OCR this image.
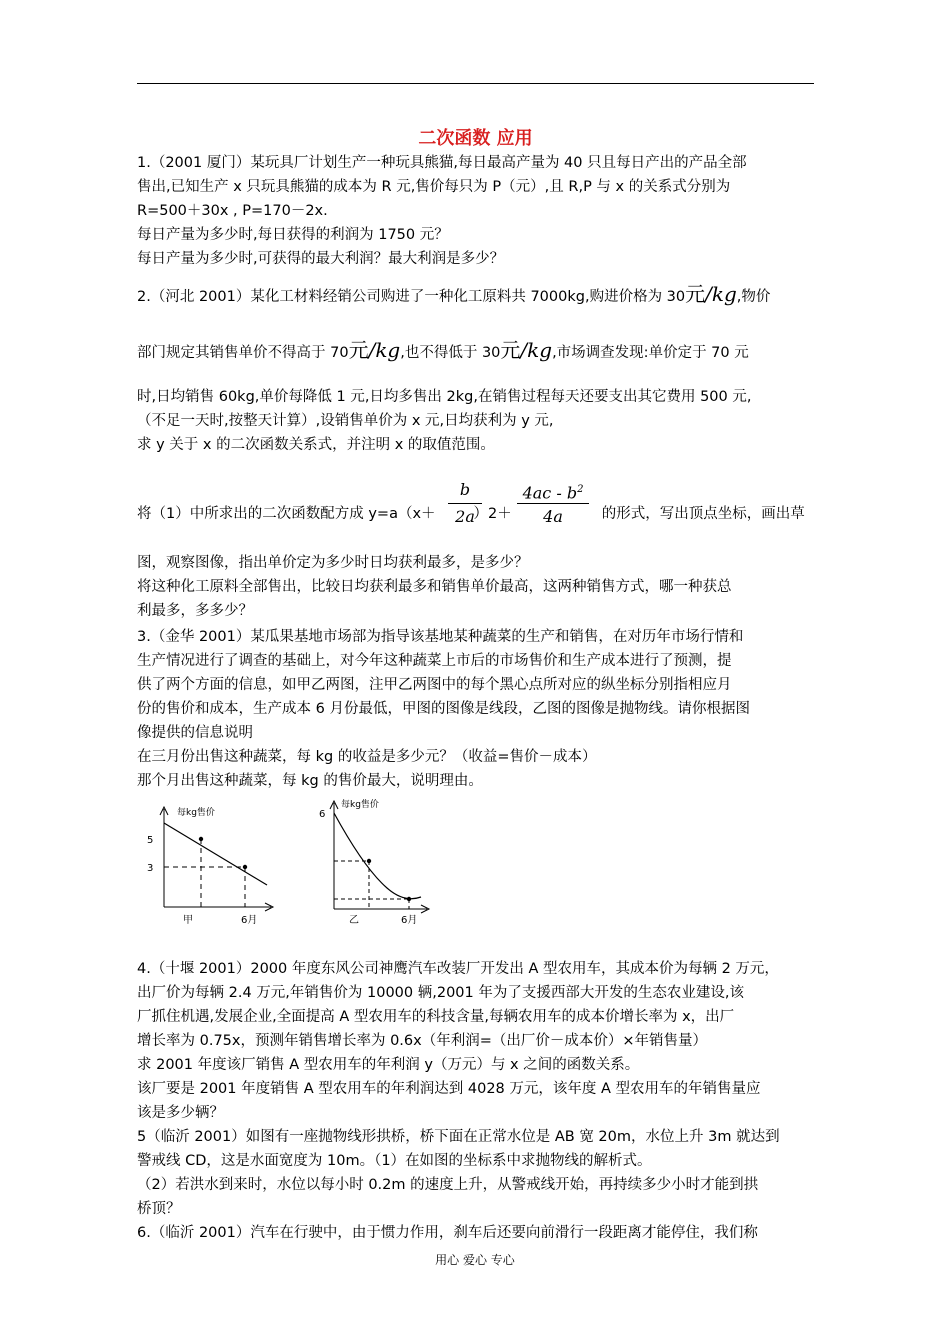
二次函数 应用
1.（2001 厦门）某玩具厂计划生产一种玩具熊猫,每日最高产量为 40 只且每日产出的产品全部
售出,已知生产 x 只玩具熊猫的成本为 R 元,售价每只为 P（元）,且 R,P 与 x 的关系式分别为
R=500＋30x , P=170－2x.
每日产量为多少时,每日获得的利润为 1750 元？
每日产量为多少时,可获得的最大利润？最大利润是多少？
2.（河北 2001）某化工材料经销公司购进了一种化工原料共 7000kg,购进价格为 30元/kg,物价
部门规定其销售单价不得高于 70元/kg,也不得低于 30元/kg,市场调查发现:单价定于 70 元
时,日均销售 60kg,单价每降低 1 元,日均多售出 2kg,在销售过程每天还要支出其它费用 500 元,
（不足一天时,按整天计算）,设销售单价为 x 元,日均获利为 y 元,
求 y 关于 x 的二次函数关系式，并注明 x 的取值范围。
将（1）中所求出的二次函数配方成 y=a（x＋	）2＋	的形式，写出顶点坐标，画出草
$\frac{b}{2a} \frac{4ac - b^2}{4a}$
图，观察图像，指出单价定为多少时日均获利最多，是多少？
将这种化工原料全部售出，比较日均获利最多和销售单价最高，这两种销售方式，哪一种获总
利最多，多多少？
3.（金华 2001）某瓜果基地市场部为指导该基地某种蔬菜的生产和销售，在对历年市场行情和
生产情况进行了调查的基础上，对今年这种蔬菜上市后的市场售价和生产成本进行了预测，提
供了两个方面的信息，如甲乙两图，注甲乙两图中的每个黑心点所对应的纵坐标分别指相应月
份的售价和成本，生产成本 6 月份最低，甲图的图像是线段，乙图的图像是抛物线。请你根据图
像提供的信息说明
在三月份出售这种蔬菜，每 kg 的收益是多少元？（收益=售价－成本）
那个月出售这种蔬菜，每 kg 的售价最大，说明理由。
每kg售价
5
3
甲	6月
每kg售价
6
乙	6月
4.（十堰 2001）2000 年度东风公司神鹰汽车改装厂开发出 A 型农用车，其成本价为每辆 2 万元，
出厂价为每辆 2.4 万元,年销售价为 10000 辆,2001 年为了支援西部大开发的生态农业建设,该
厂抓住机遇,发展企业,全面提高 A 型农用车的科技含量,每辆农用车的成本价增长率为 x，出厂
增长率为 0.75x，预测年销售增长率为 0.6x（年利润=（出厂价－成本价）×年销售量）
求 2001 年度该厂销售 A 型农用车的年利润 y（万元）与 x 之间的函数关系。
该厂要是 2001 年度销售 A 型农用车的年利润达到 4028 万元，该年度 A 型农用车的年销售量应
该是多少辆？
5（临沂 2001）如图有一座抛物线形拱桥，桥下面在正常水位是 AB 宽 20m，水位上升 3m 就达到
警戒线 CD，这是水面宽度为 10m。（1）在如图的坐标系中求抛物线的解析式。
（2）若洪水到来时，水位以每小时 0.2m 的速度上升，从警戒线开始，再持续多少小时才能到拱
桥顶？
6.（临沂 2001）汽车在行驶中，由于惯力作用，刹车后还要向前滑行一段距离才能停住，我们称
用心 爱心 专心
